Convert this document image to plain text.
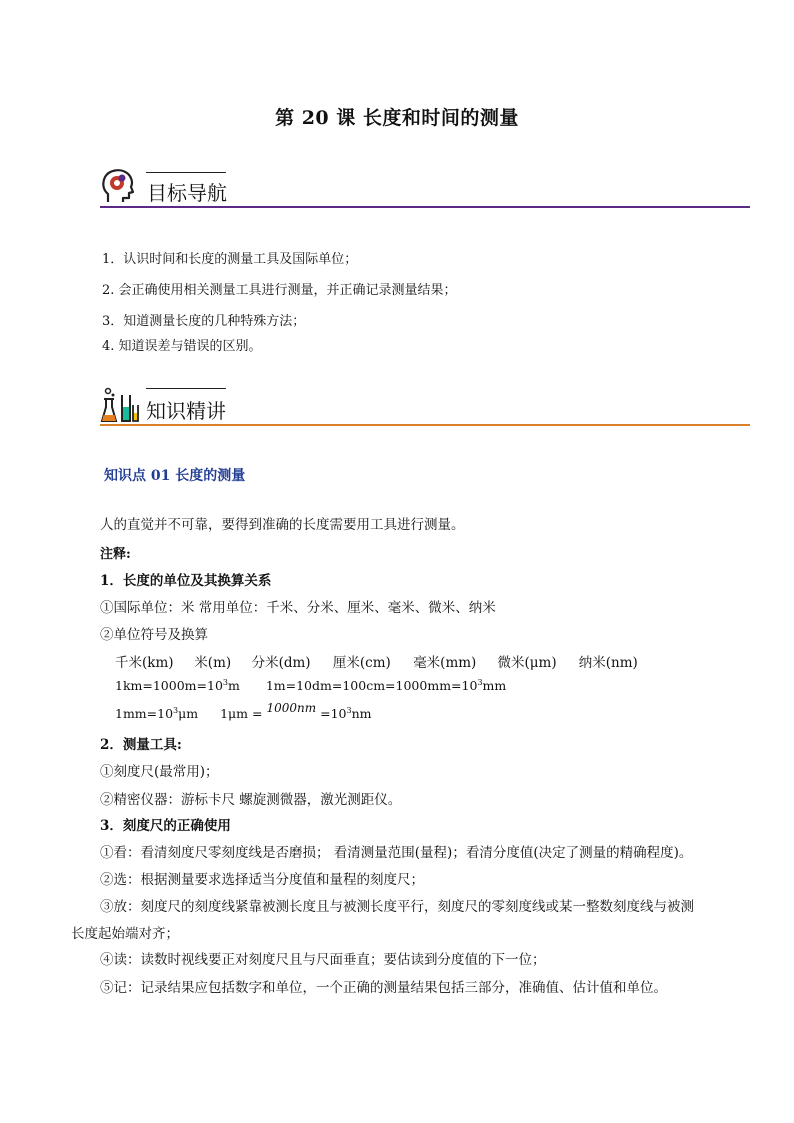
第 20 课 长度和时间的测量
目标导航
1．认识时间和长度的测量工具及国际单位；
2. 会正确使用相关测量工具进行测量，并正确记录测量结果；
3．知道测量长度的几种特殊方法；
4. 知道误差与错误的区别。
知识精讲
知识点 01 长度的测量
人的直觉并不可靠，要得到准确的长度需要用工具进行测量。
注释:
1．长度的单位及其换算关系
①国际单位：米 常用单位：千米、分米、厘米、毫米、微米、纳米
②单位符号及换算
千米(km) 米(m) 分米(dm) 厘米(cm) 毫米(mm) 微米(μm) 纳米(nm)
$1km=1000m=10^3m$ $1m=10dm=100cm=1000mm=10^3mm$
$1mm=10^3\mu m$ $1\mu m = 1000nm =10^3nm$
2．测量工具:
①刻度尺(最常用)；
②精密仪器：游标卡尺 螺旋测微器，激光测距仪。
3．刻度尺的正确使用
①看：看清刻度尺零刻度线是否磨损； 看清测量范围(量程)；看清分度值(决定了测量的精确程度)。
②选：根据测量要求选择适当分度值和量程的刻度尺；
③放：刻度尺的刻度线紧靠被测长度且与被测长度平行，刻度尺的零刻度线或某一整数刻度线与被测
长度起始端对齐；
④读：读数时视线要正对刻度尺且与尺面垂直；要估读到分度值的下一位；
⑤记：记录结果应包括数字和单位，一个正确的测量结果包括三部分，准确值、估计值和单位。
